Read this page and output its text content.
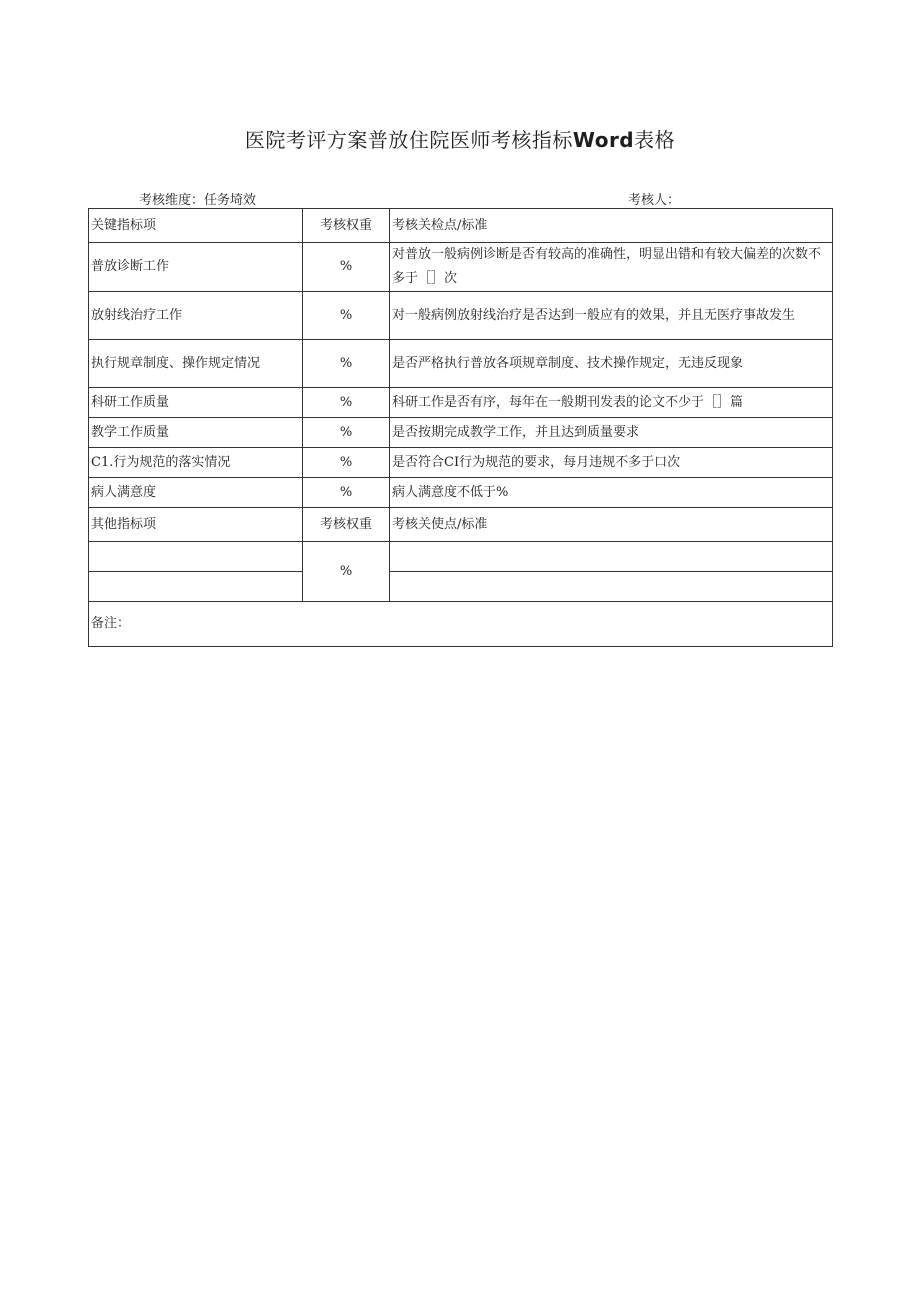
医院考评方案普放住院医师考核指标Word表格
考核维度：任务埼效	考核人：
关键指标项	考核权重	考核关检点/标准
普放诊断工作	%	对普放一般病例诊断是否有较高的准确性，明显出错和有较大偏差的次数不多于［］次
放射线治疗工作	%	对一般病例放射线治疗是否达到一般应有的效果，并且无医疗事故发生
执行规章制度、操作规定情况	%	是否严格执行普放各项规章制度、技术操作规定，无违反现象
科研工作质量	%	科研工作是否有序，每年在一般期刊发表的论文不少于［］篇
教学工作质量	%	是否按期完成教学工作，并且达到质量要求
C1.行为规范的落实情况	%	是否符合CI行为规范的要求，每月违规不多于口次
病人满意度	%	病人满意度不低于%
其他指标项	考核权重	考核关使点/标准
	%	

备注：		
